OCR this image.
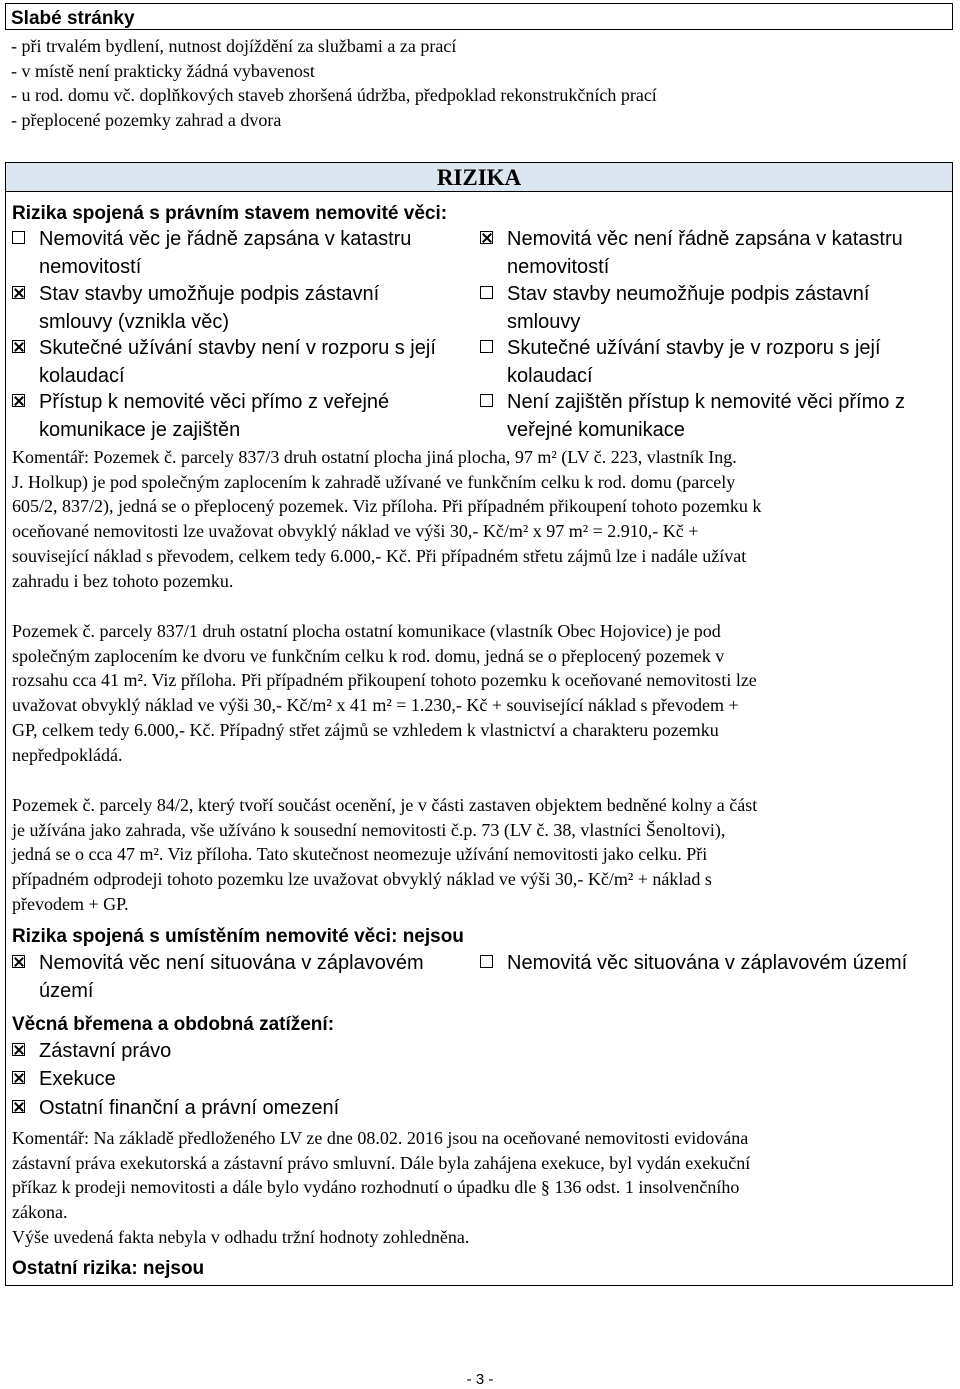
Slabé stránky
- při trvalém bydlení, nutnost dojíždění za službami a za prací
- v místě není prakticky žádná vybavenost
- u rod. domu vč. doplňkových staveb zhoršená údržba, předpoklad rekonstrukčních prací
- přeplocené pozemky zahrad a dvora
RIZIKA
Rizika spojená s právním stavem nemovité věci:
Nemovitá věc je řádně zapsána v katastru
nemovitostí
Nemovitá věc není řádně zapsána v katastru
nemovitostí
Stav stavby umožňuje podpis zástavní
smlouvy (vznikla věc)
Stav stavby neumožňuje podpis zástavní
smlouvy
Skutečné užívání stavby není v rozporu s její
kolaudací
Skutečné užívání stavby je v rozporu s její
kolaudací
Přístup k nemovité věci přímo z veřejné
komunikace je zajištěn
Není zajištěn přístup k nemovité věci přímo z
veřejné komunikace
Komentář: Pozemek č. parcely 837/3 druh ostatní plocha jiná plocha, 97 m² (LV č. 223, vlastník Ing.
J. Holkup) je pod společným zaplocením k zahradě užívané ve funkčním celku k rod. domu (parcely
605/2, 837/2), jedná se o přeplocený pozemek. Viz příloha. Při případném přikoupení tohoto pozemku k
oceňované nemovitosti lze uvažovat obvyklý náklad ve výši 30,- Kč/m² x 97 m² = 2.910,- Kč +
související náklad s převodem, celkem tedy 6.000,- Kč. Při případném střetu zájmů lze i nadále užívat
zahradu i bez tohoto pozemku.
Pozemek č. parcely 837/1 druh ostatní plocha ostatní komunikace (vlastník Obec Hojovice) je pod
společným zaplocením ke dvoru ve funkčním celku k rod. domu, jedná se o přeplocený pozemek v
rozsahu cca 41 m². Viz příloha. Při případném přikoupení tohoto pozemku k oceňované nemovitosti lze
uvažovat obvyklý náklad ve výši 30,- Kč/m² x 41 m² = 1.230,- Kč + související náklad s převodem +
GP, celkem tedy 6.000,- Kč. Případný střet zájmů se vzhledem k vlastnictví a charakteru pozemku
nepředpokládá.
Pozemek č. parcely 84/2, který tvoří součást ocenění, je v části zastaven objektem bedněné kolny a část
je užívána jako zahrada, vše užíváno k sousední nemovitosti č.p. 73 (LV č. 38, vlastníci Šenoltovi),
jedná se o cca 47 m². Viz příloha. Tato skutečnost neomezuje užívání nemovitosti jako celku. Při
případném odprodeji tohoto pozemku lze uvažovat obvyklý náklad ve výši 30,- Kč/m² + náklad s
převodem + GP.
Rizika spojená s umístěním nemovité věci: nejsou
Nemovitá věc není situována v záplavovém
území
Nemovitá věc situována v záplavovém území
Věcná břemena a obdobná zatížení:
Zástavní právo
Exekuce
Ostatní finanční a právní omezení
Komentář: Na základě předloženého LV ze dne 08.02. 2016 jsou na oceňované nemovitosti evidována
zástavní práva exekutorská a zástavní právo smluvní. Dále byla zahájena exekuce, byl vydán exekuční
příkaz k prodeji nemovitosti a dále bylo vydáno rozhodnutí o úpadku dle § 136 odst. 1 insolvenčního
zákona.
Výše uvedená fakta nebyla v odhadu tržní hodnoty zohledněna.
Ostatní rizika: nejsou
- 3 -
